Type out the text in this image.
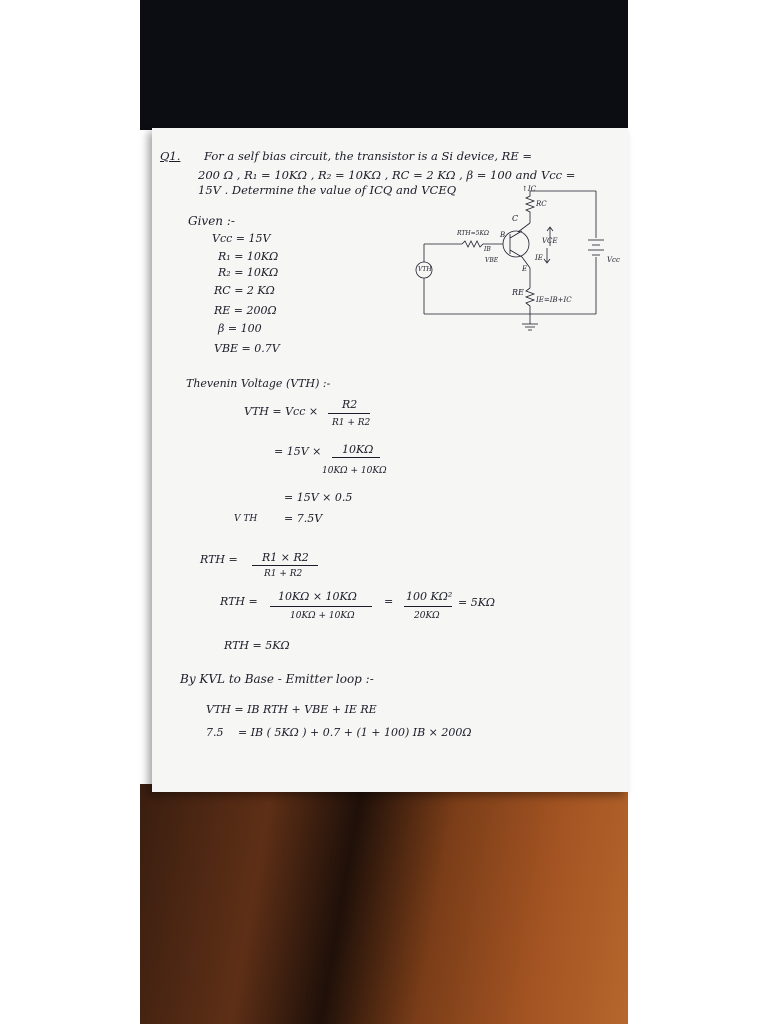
Q1. For a self bias circuit, the transistor is a Si device, RE =
200 Ω , R₁ = 10KΩ , R₂ = 10KΩ , RC = 2 KΩ , β = 100 and Vcc =
15V . Determine the value of ICQ and VCEQ
Given :-
Vcc = 15V
R₁ = 10KΩ
R₂ = 10KΩ
RC = 2 KΩ
RE = 200Ω
β = 100
VBE = 0.7V
↑IC
RC
C
RTH=5KΩ B
IB
VCE
VBE	IE
E
VTH
Vcc
RE
IE=IB+IC
Thevenin Voltage (VTH) :-
VTH = Vcc ×
R2
R1 + R2
= 15V × 10KΩ
10KΩ + 10KΩ
= 15V × 0.5
V TH = 7.5V
RTH = R1 × R2
R1 + R2
RTH = 10KΩ × 10KΩ
10KΩ + 10KΩ
= 100 KΩ²
20KΩ
= 5KΩ
RTH = 5KΩ
By KVL to Base - Emitter loop :-
VTH = IB RTH + VBE + IE RE
7.5 = IB ( 5KΩ ) + 0.7 + (1 + 100) IB × 200Ω
